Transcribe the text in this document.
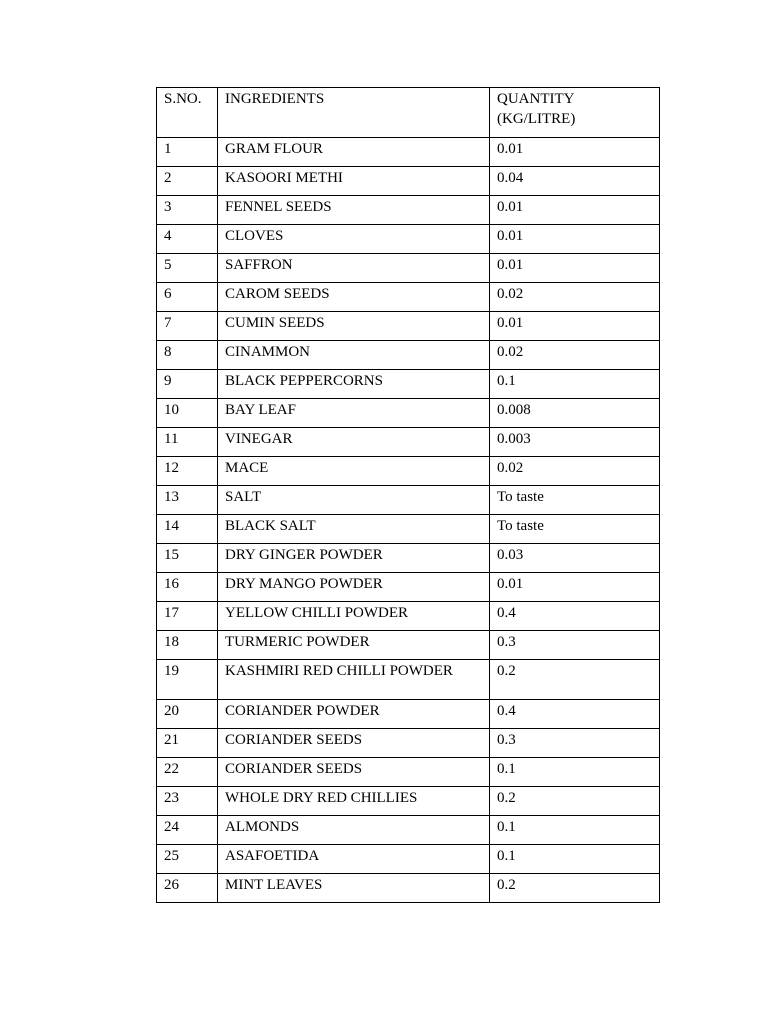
S.NO.	INGREDIENTS	QUANTITY (KG/LITRE)
1	GRAM FLOUR	0.01
2	KASOORI METHI	0.04
3	FENNEL SEEDS	0.01
4	CLOVES	0.01
5	SAFFRON	0.01
6	CAROM SEEDS	0.02
7	CUMIN SEEDS	0.01
8	CINAMMON	0.02
9	BLACK PEPPERCORNS	0.1
10	BAY LEAF	0.008
11	VINEGAR	0.003
12	MACE	0.02
13	SALT	To taste
14	BLACK SALT	To taste
15	DRY GINGER POWDER	0.03
16	DRY MANGO POWDER	0.01
17	YELLOW CHILLI POWDER	0.4
18	TURMERIC POWDER	0.3
19	KASHMIRI RED CHILLI POWDER	0.2
20	CORIANDER POWDER	0.4
21	CORIANDER SEEDS	0.3
22	CORIANDER SEEDS	0.1
23	WHOLE DRY RED CHILLIES	0.2
24	ALMONDS	0.1
25	ASAFOETIDA	0.1
26	MINT LEAVES	0.2
